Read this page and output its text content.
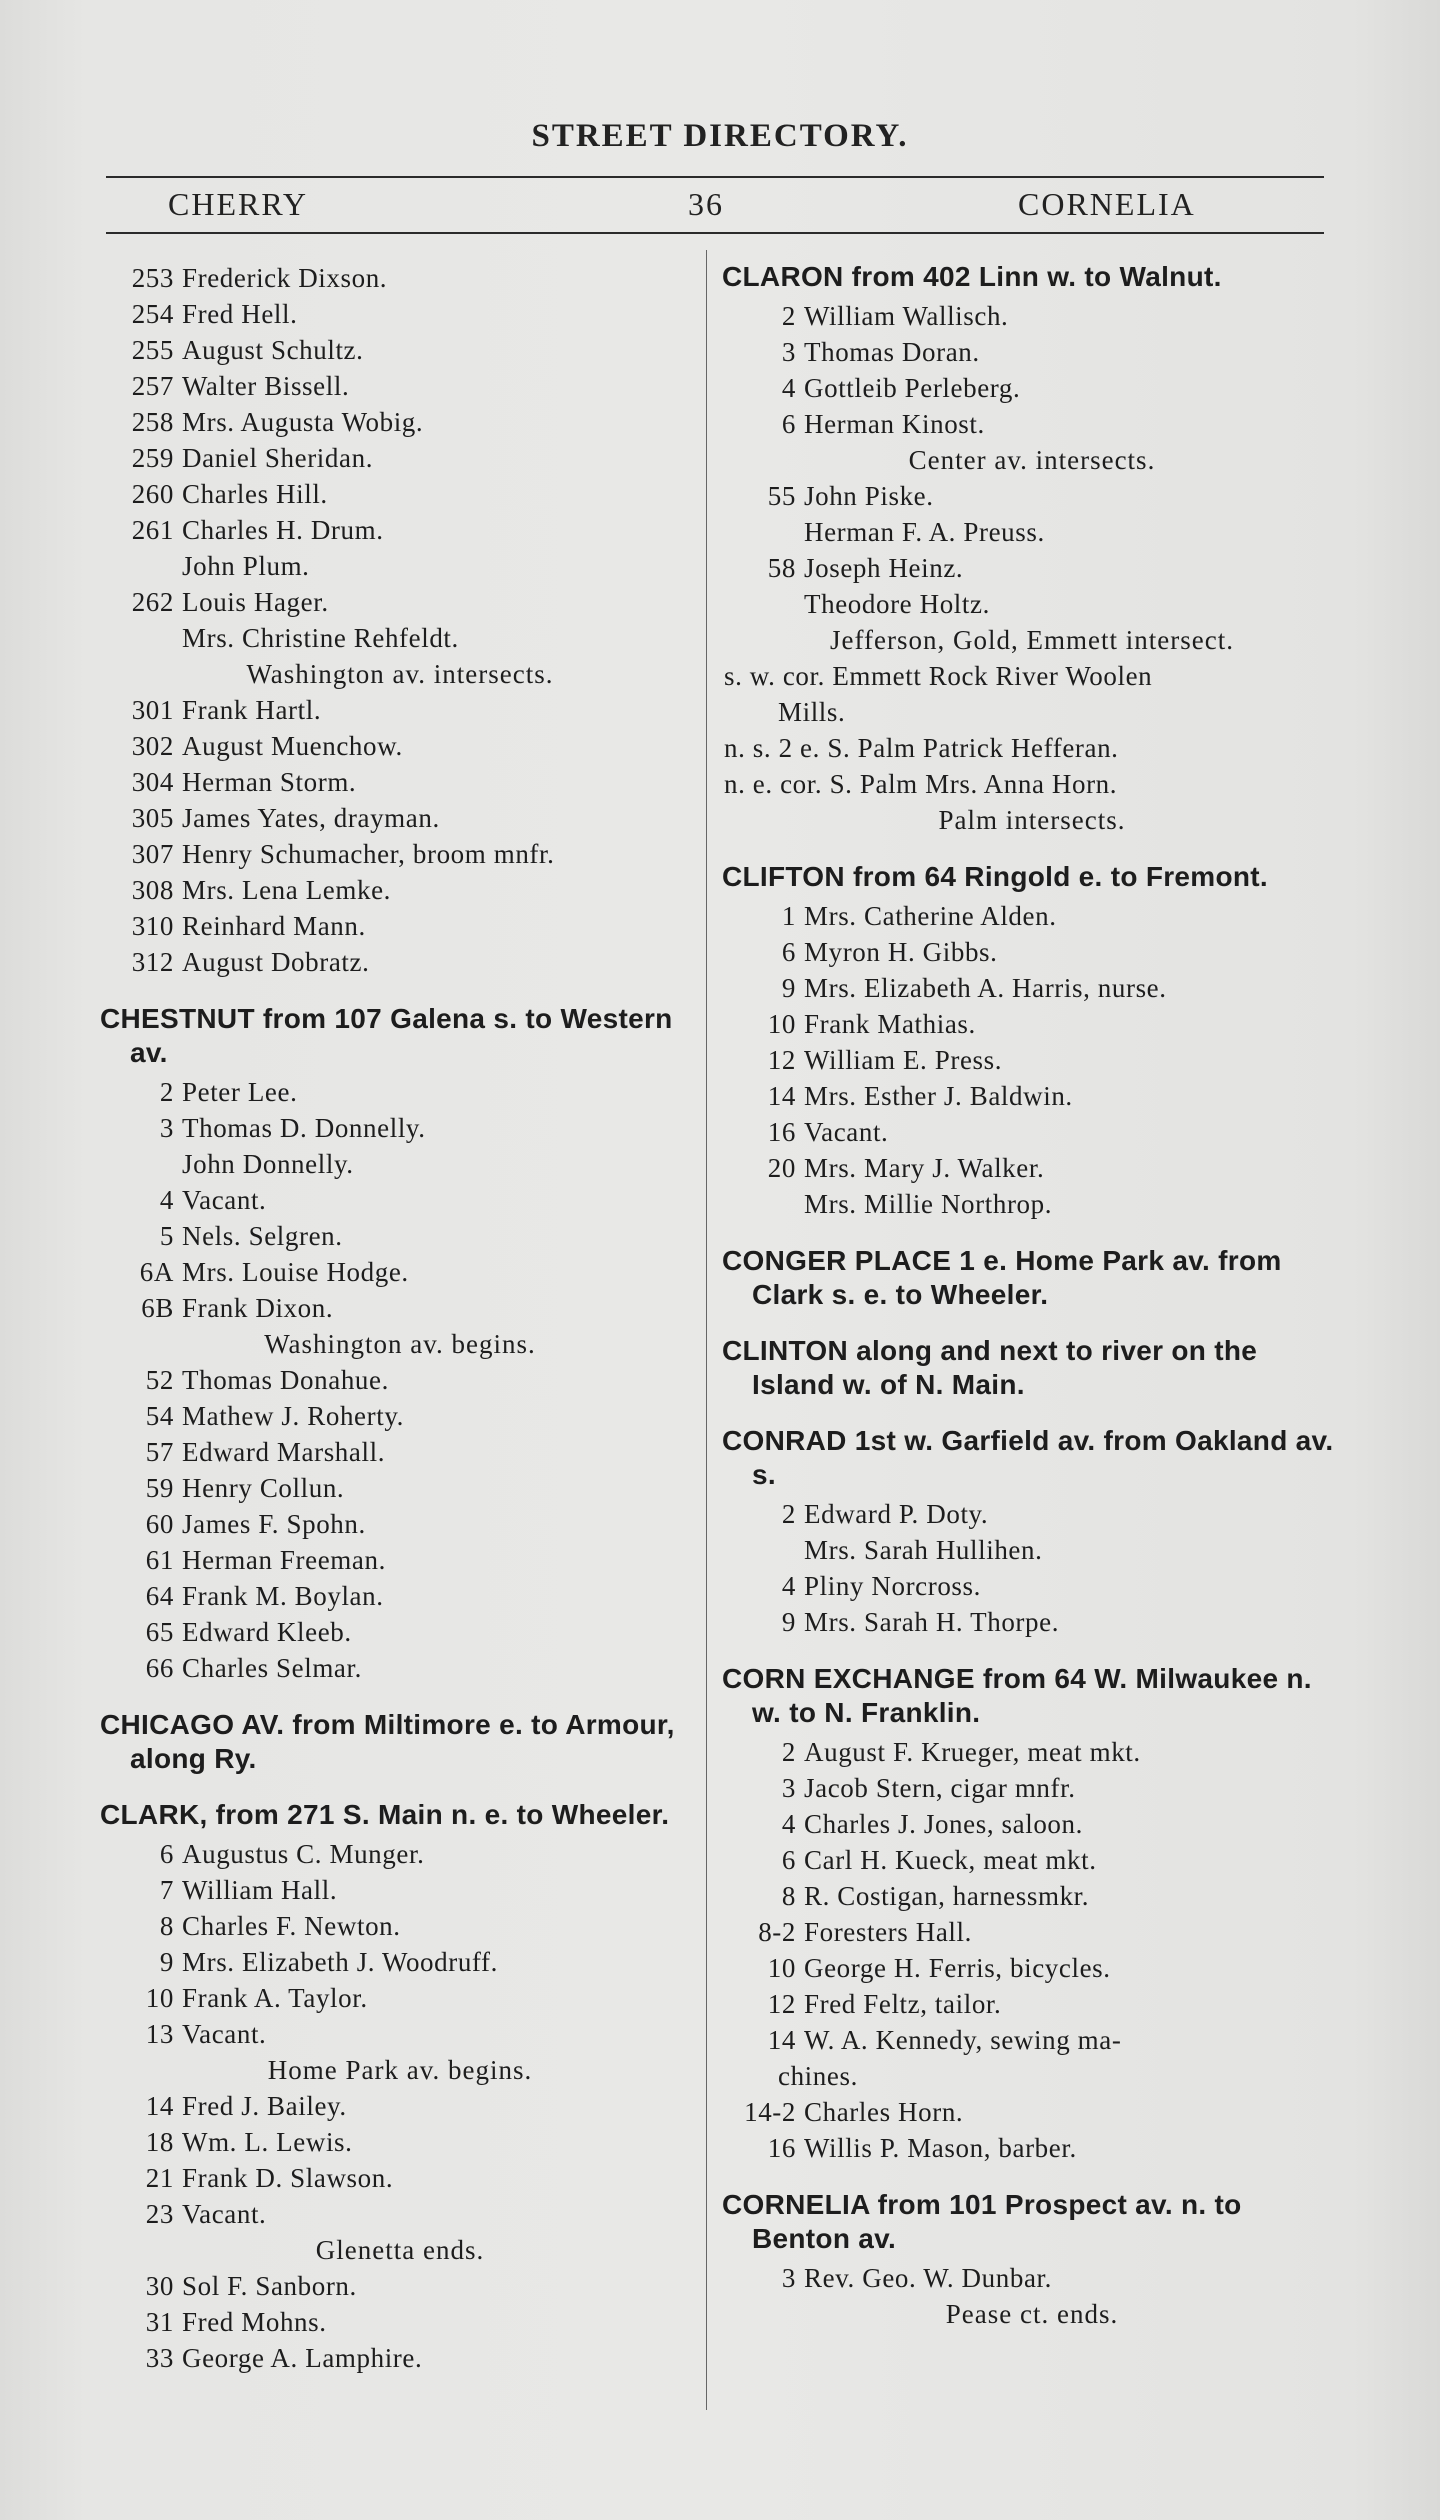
STREET DIRECTORY.
CHERRY	36	CORNELIA
253 Frederick Dixson.
254 Fred Hell.
255 August Schultz.
257 Walter Bissell.
258 Mrs. Augusta Wobig.
259 Daniel Sheridan.
260 Charles Hill.
261 Charles H. Drum.
John Plum.
262 Louis Hager.
Mrs. Christine Rehfeldt.
Washington av. intersects.
301 Frank Hartl.
302 August Muenchow.
304 Herman Storm.
305 James Yates, drayman.
307 Henry Schumacher, broom mnfr.
308 Mrs. Lena Lemke.
310 Reinhard Mann.
312 August Dobratz.
CHESTNUT from 107 Galena s. to Western av.
2 Peter Lee.
3 Thomas D. Donnelly.
John Donnelly.
4 Vacant.
5 Nels. Selgren.
6A Mrs. Louise Hodge.
6B Frank Dixon.
Washington av. begins.
52 Thomas Donahue.
54 Mathew J. Roherty.
57 Edward Marshall.
59 Henry Collun.
60 James F. Spohn.
61 Herman Freeman.
64 Frank M. Boylan.
65 Edward Kleeb.
66 Charles Selmar.
CHICAGO AV. from Miltimore e. to Armour, along Ry.
CLARK, from 271 S. Main n. e. to Wheeler.
6 Augustus C. Munger.
7 William Hall.
8 Charles F. Newton.
9 Mrs. Elizabeth J. Woodruff.
10 Frank A. Taylor.
13 Vacant.
Home Park av. begins.
14 Fred J. Bailey.
18 Wm. L. Lewis.
21 Frank D. Slawson.
23 Vacant.
Glenetta ends.
30 Sol F. Sanborn.
31 Fred Mohns.
33 George A. Lamphire.
CLARON from 402 Linn w. to Walnut.
2 William Wallisch.
3 Thomas Doran.
4 Gottleib Perleberg.
6 Herman Kinost.
Center av. intersects.
55 John Piske.
Herman F. A. Preuss.
58 Joseph Heinz.
Theodore Holtz.
Jefferson, Gold, Emmett intersect.
s. w. cor. Emmett Rock River Woolen
Mills.
n. s. 2 e. S. Palm Patrick Hefferan.
n. e. cor. S. Palm Mrs. Anna Horn.
Palm intersects.
CLIFTON from 64 Ringold e. to Fremont.
1 Mrs. Catherine Alden.
6 Myron H. Gibbs.
9 Mrs. Elizabeth A. Harris, nurse.
10 Frank Mathias.
12 William E. Press.
14 Mrs. Esther J. Baldwin.
16 Vacant.
20 Mrs. Mary J. Walker.
Mrs. Millie Northrop.
CONGER PLACE 1 e. Home Park av. from Clark s. e. to Wheeler.
CLINTON along and next to river on the Island w. of N. Main.
CONRAD 1st w. Garfield av. from Oakland av. s.
2 Edward P. Doty.
Mrs. Sarah Hullihen.
4 Pliny Norcross.
9 Mrs. Sarah H. Thorpe.
CORN EXCHANGE from 64 W. Milwaukee n. w. to N. Franklin.
2 August F. Krueger, meat mkt.
3 Jacob Stern, cigar mnfr.
4 Charles J. Jones, saloon.
6 Carl H. Kueck, meat mkt.
8 R. Costigan, harnessmkr.
8-2 Foresters Hall.
10 George H. Ferris, bicycles.
12 Fred Feltz, tailor.
14 W. A. Kennedy, sewing ma-
chines.
14-2 Charles Horn.
16 Willis P. Mason, barber.
CORNELIA from 101 Prospect av. n. to Benton av.
3 Rev. Geo. W. Dunbar.
Pease ct. ends.
